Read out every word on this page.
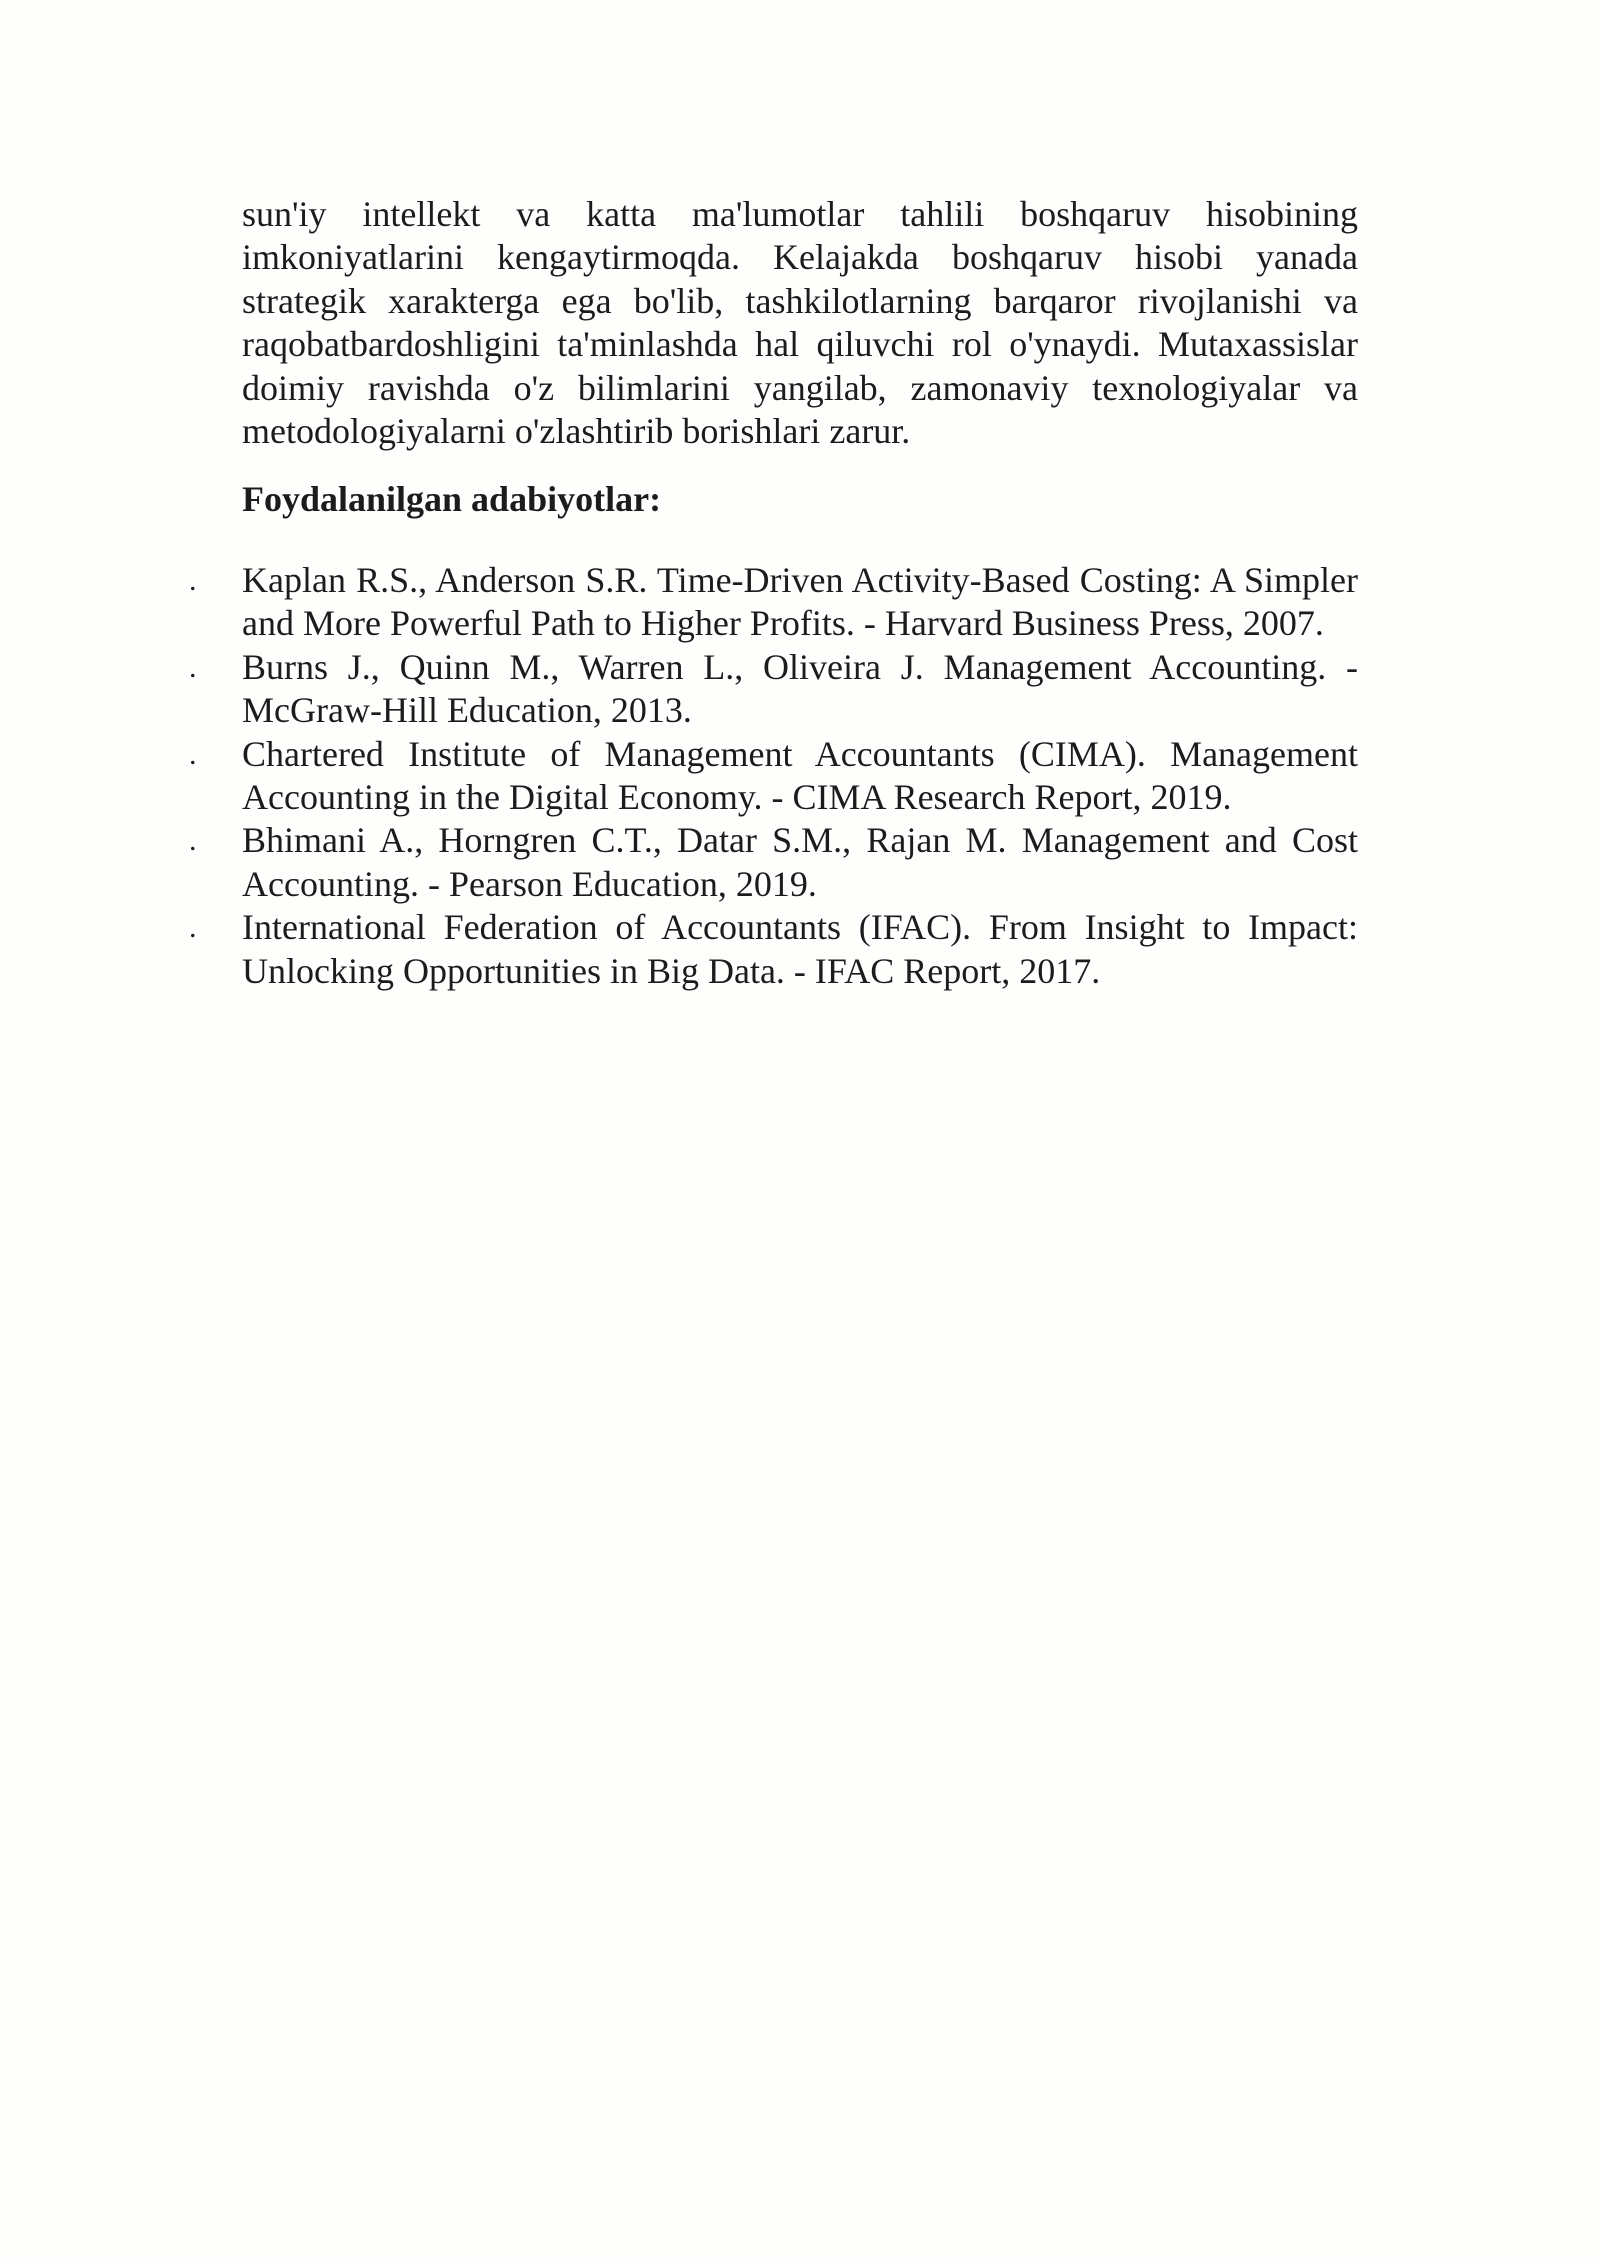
sun'iy intellekt va katta ma'lumotlar tahlili boshqaruv hisobining imkoniyatlarini kengaytirmoqda. Kelajakda boshqaruv hisobi yanada strategik xarakterga ega bo'lib, tashkilotlarning barqaror rivojlanishi va raqobatbardoshligini ta'minlashda hal qiluvchi rol o'ynaydi. Mutaxassislar doimiy ravishda o'z bilimlarini yangilab, zamonaviy texnologiyalar va metodologiyalarni o'zlashtirib borishlari zarur.

Foydalanilgan adabiyotlar:
. Kaplan R.S., Anderson S.R. Time-Driven Activity-Based Costing: A Simpler and More Powerful Path to Higher Profits. - Harvard Business Press, 2007.
. Burns J., Quinn M., Warren L., Oliveira J. Management Accounting. - McGraw-Hill Education, 2013.
. Chartered Institute of Management Accountants (CIMA). Management Accounting in the Digital Economy. - CIMA Research Report, 2019.
. Bhimani A., Horngren C.T., Datar S.M., Rajan M. Management and Cost Accounting. - Pearson Education, 2019.
. International Federation of Accountants (IFAC). From Insight to Impact: Unlocking Opportunities in Big Data. - IFAC Report, 2017.
